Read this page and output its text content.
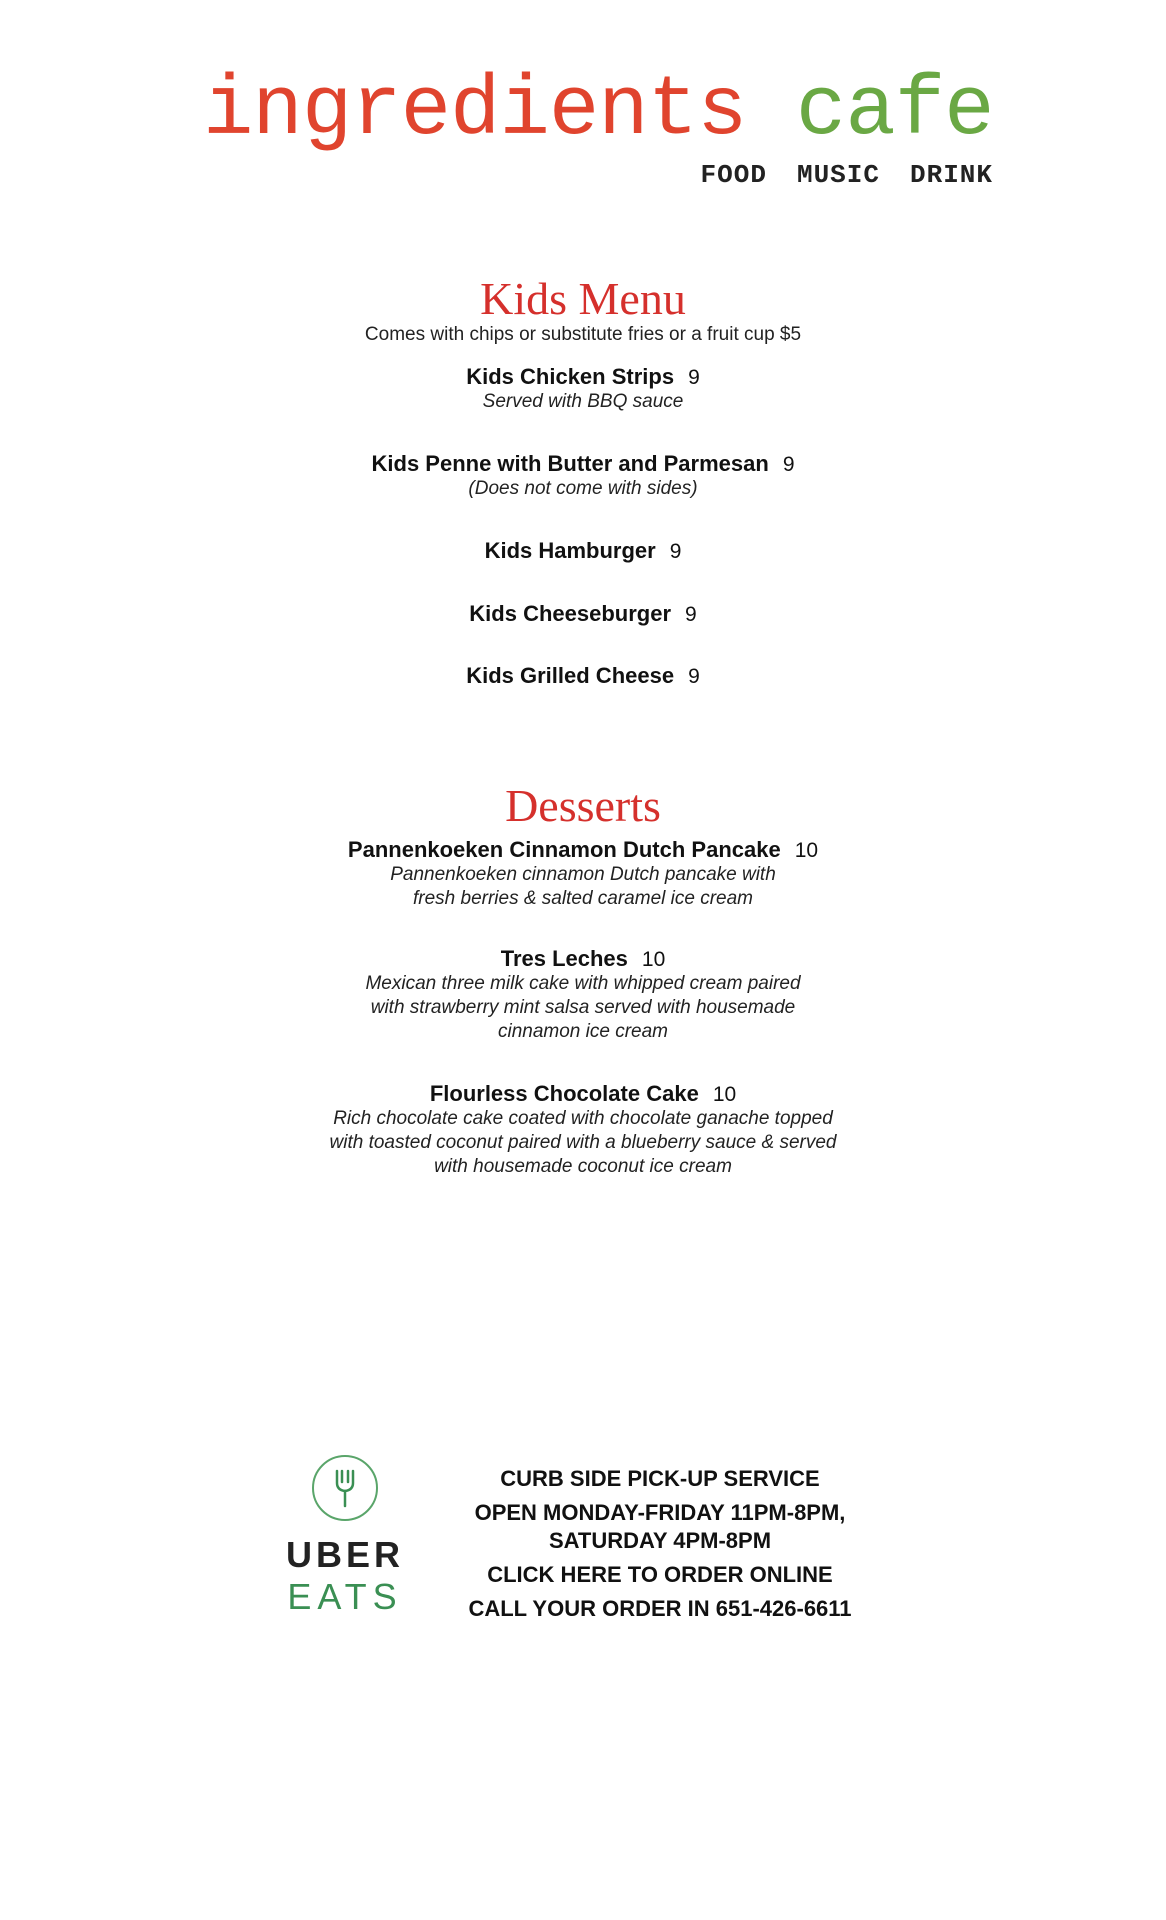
ingredients cafe
FOOD MUSIC DRINK
Kids Menu
Comes with chips or substitute fries or a fruit cup $5
Kids Chicken Strips 9
Served with BBQ sauce
Kids Penne with Butter and Parmesan 9
(Does not come with sides)
Kids Hamburger 9
Kids Cheeseburger 9
Kids Grilled Cheese 9
Desserts
Pannenkoeken Cinnamon Dutch Pancake 10
Pannenkoeken cinnamon Dutch pancake with
fresh berries & salted caramel ice cream
Tres Leches 10
Mexican three milk cake with whipped cream paired
with strawberry mint salsa served with housemade
cinnamon ice cream
Flourless Chocolate Cake 10
Rich chocolate cake coated with chocolate ganache topped
with toasted coconut paired with a blueberry sauce & served
with housemade coconut ice cream
UBER
EATS
CURB SIDE PICK-UP SERVICE
OPEN MONDAY-FRIDAY 11PM-8PM,
SATURDAY 4PM-8PM
CLICK HERE TO ORDER ONLINE
CALL YOUR ORDER IN 651-426-6611
